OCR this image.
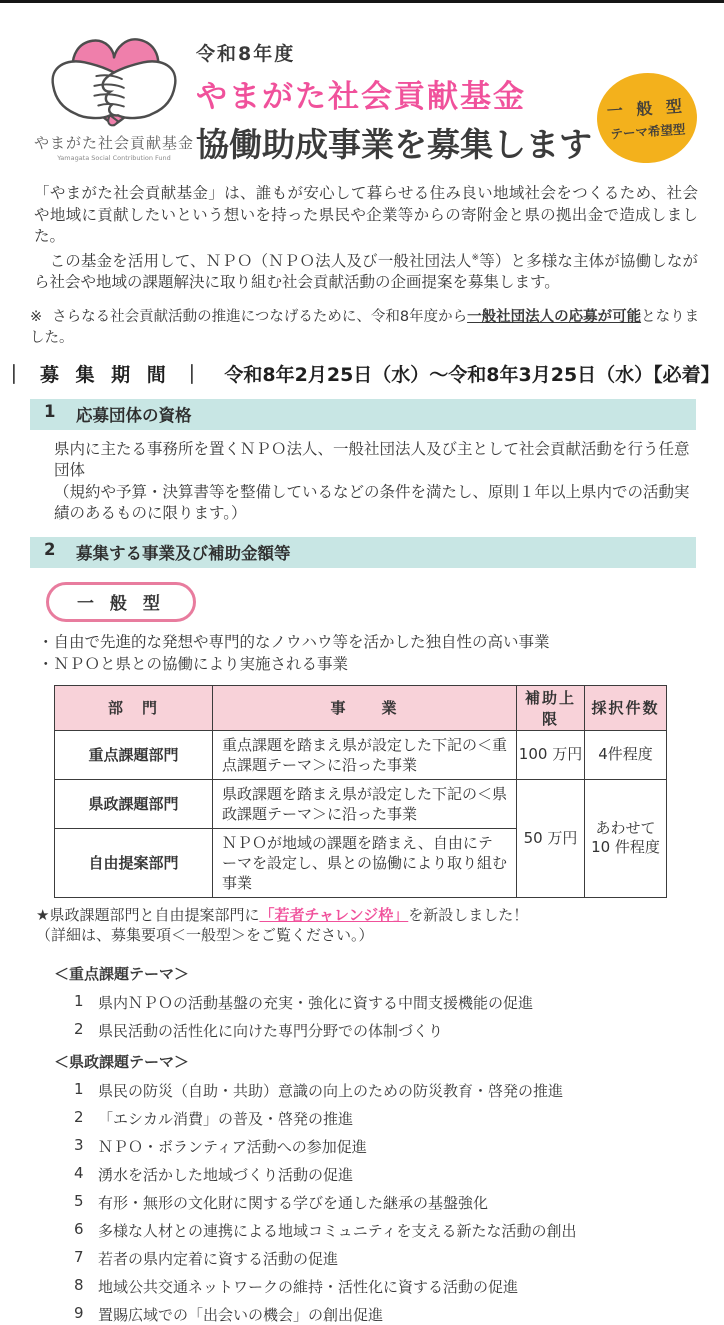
やまがた社会貢献基金
Yamagata Social Contribution Fund
令和8年度
やまがた社会貢献基金
協働助成事業を募集します
一 般 型
テーマ希望型

「やまがた社会貢献基金」は、誰もが安心して暮らせる住み良い地域社会をつくるため、社会や地域に貢献したいという想いを持った県民や企業等からの寄附金と県の拠出金で造成しました。

　この基金を活用して、ＮＰＯ（ＮＰＯ法人及び一般社団法人※等）と多様な主体が協働しながら社会や地域の課題解決に取り組む社会貢献活動の企画提案を募集します。

※ さらなる社会貢献活動の推進につなげるために、令和8年度から一般社団法人の応募が可能となりました。
｜ 募 集 期 間 ｜ 令和8年2月25日（水）～令和8年3月25日（水）【必着】
1	応募団体の資格
県内に主たる事務所を置くＮＰＯ法人、一般社団法人及び主として社会貢献活動を行う任意団体
（規約や予算・決算書等を整備しているなどの条件を満たし、原則１年以上県内での活動実績のあるものに限ります。）
2	募集する事業及び補助金額等
一 般 型
・自由で先進的な発想や専門的なノウハウ等を活かした独自性の高い事業
・ＮＰＯと県との協働により実施される事業
部　門	事　　業	補助上限	採択件数
重点課題部門	重点課題を踏まえ県が設定した下記の＜重点課題テーマ＞に沿った事業	100 万円	4件程度
県政課題部門	県政課題を踏まえ県が設定した下記の＜県政課題テーマ＞に沿った事業	50 万円	あわせて
10 件程度

自由提案部門	ＮＰＯが地域の課題を踏まえ、自由にテーマを設定し、県との協働により取り組む事業		
★県政課題部門と自由提案部門に「若者チャレンジ枠」を新設しました！
（詳細は、募集要項＜一般型＞をご覧ください。）
＜重点課題テーマ＞
1 県内ＮＰＯの活動基盤の充実・強化に資する中間支援機能の促進
2 県民活動の活性化に向けた専門分野での体制づくり
＜県政課題テーマ＞
1 県民の防災（自助・共助）意識の向上のための防災教育・啓発の推進
2 「エシカル消費」の普及・啓発の推進
3 ＮＰＯ・ボランティア活動への参加促進
4 湧水を活かした地域づくり活動の促進
5 有形・無形の文化財に関する学びを通した継承の基盤強化
6 多様な人材との連携による地域コミュニティを支える新たな活動の創出
7 若者の県内定着に資する活動の促進
8 地域公共交通ネットワークの維持・活性化に資する活動の促進
9 置賜広域での「出会いの機会」の創出促進
